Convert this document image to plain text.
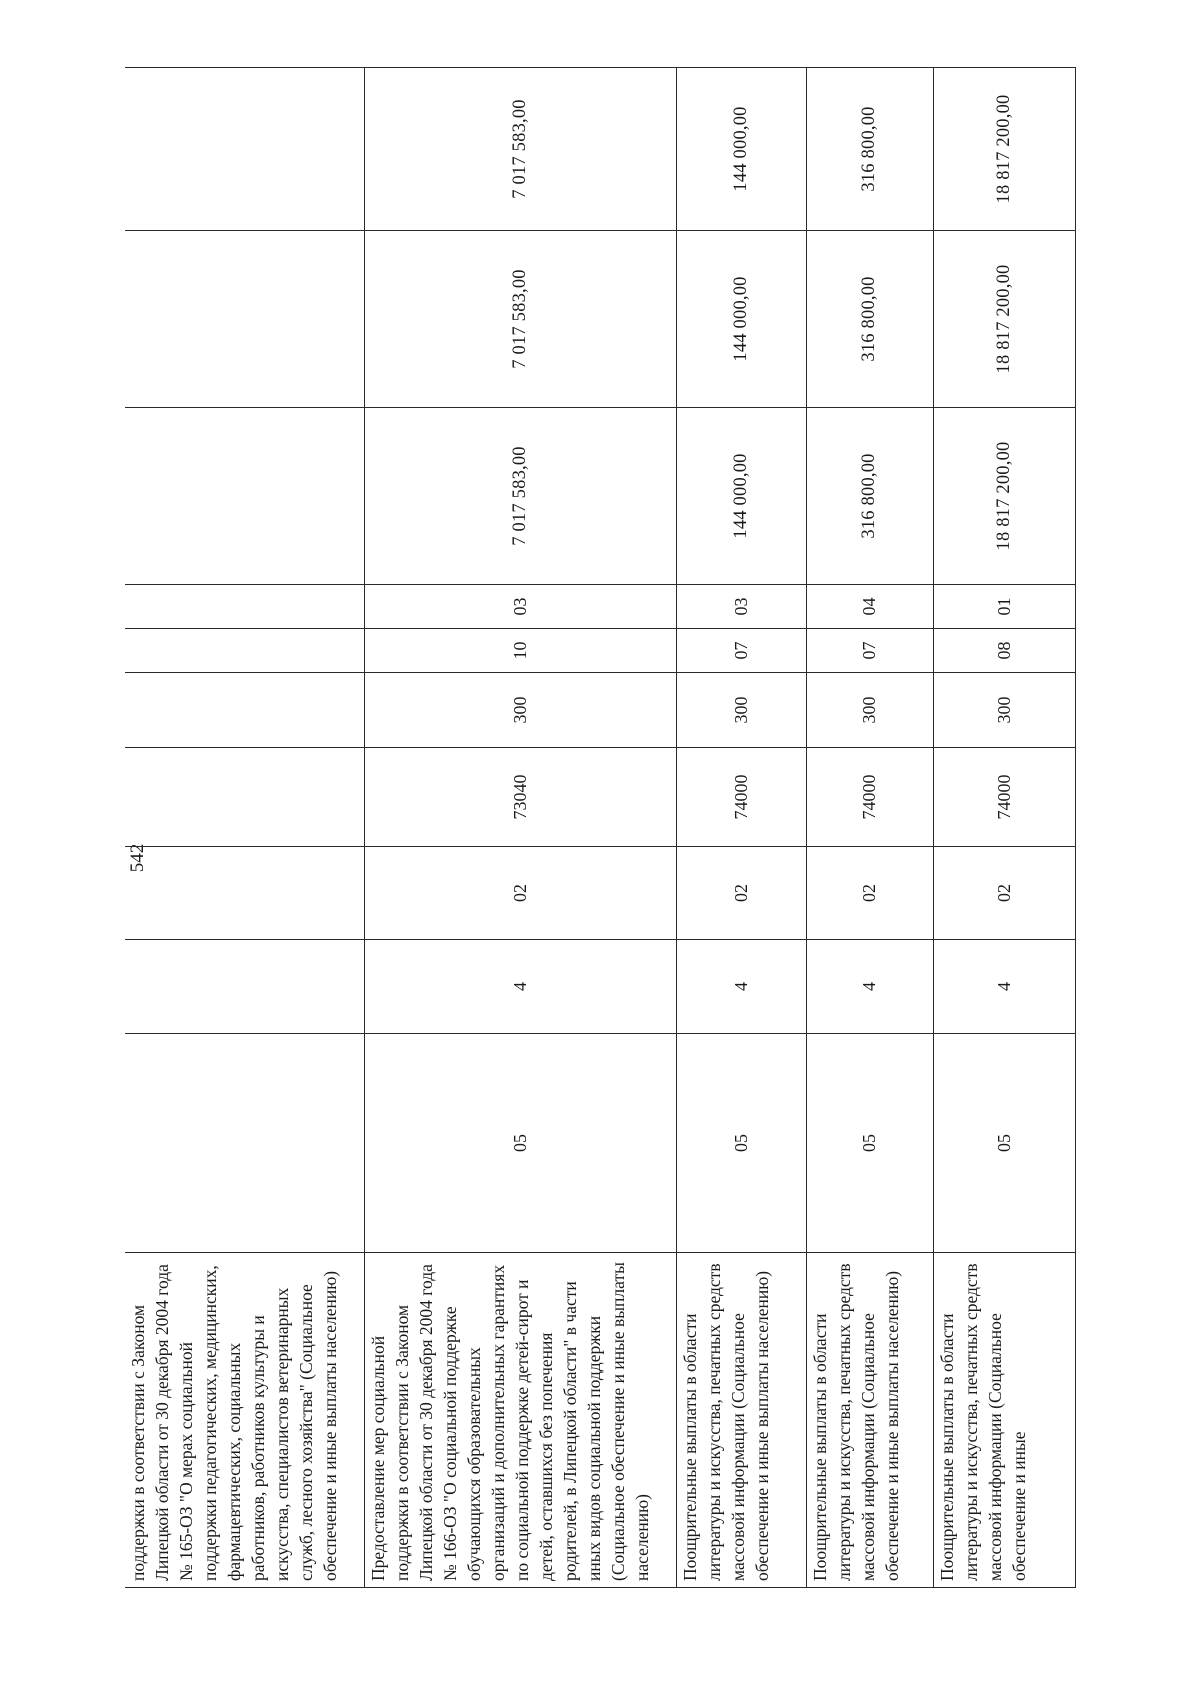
542
поддержки в соответствии с Законом Липецкой области от 30 декабря 2004 года № 165-ОЗ "О мерах социальной поддержки педагогических, медицинских, фармацевтических, социальных работников, работников культуры и искусства, специалистов ветеринарных служб, лесного хозяйства" (Социальное обеспечение и иные выплаты населению)										

Предоставление мер социальной поддержки в соответствии с Законом Липецкой области от 30 декабря 2004 года № 166-ОЗ "О социальной поддержке обучающихся образовательных организаций и дополнительных гарантиях по социальной поддержке детей-сирот и детей, оставшихся без попечения родителей, в Липецкой области" в части иных видов социальной поддержки (Социальное обеспечение и иные выплаты населению)	05	4	02	73040	300	10	03	7 017 583,00	7 017 583,00	7 017 583,00

Поощрительные выплаты в области литературы и искусства, печатных средств массовой информации (Социальное обеспечение и иные выплаты населению)	05	4	02	74000	300	07	03	144 000,00	144 000,00	144 000,00

Поощрительные выплаты в области литературы и искусства, печатных средств массовой информации (Социальное обеспечение и иные выплаты населению)	05	4	02	74000	300	07	04	316 800,00	316 800,00	316 800,00

Поощрительные выплаты в области литературы и искусства, печатных средств массовой информации (Социальное обеспечение и иные	05	4	02	74000	300	08	01	18 817 200,00	18 817 200,00	18 817 200,00
